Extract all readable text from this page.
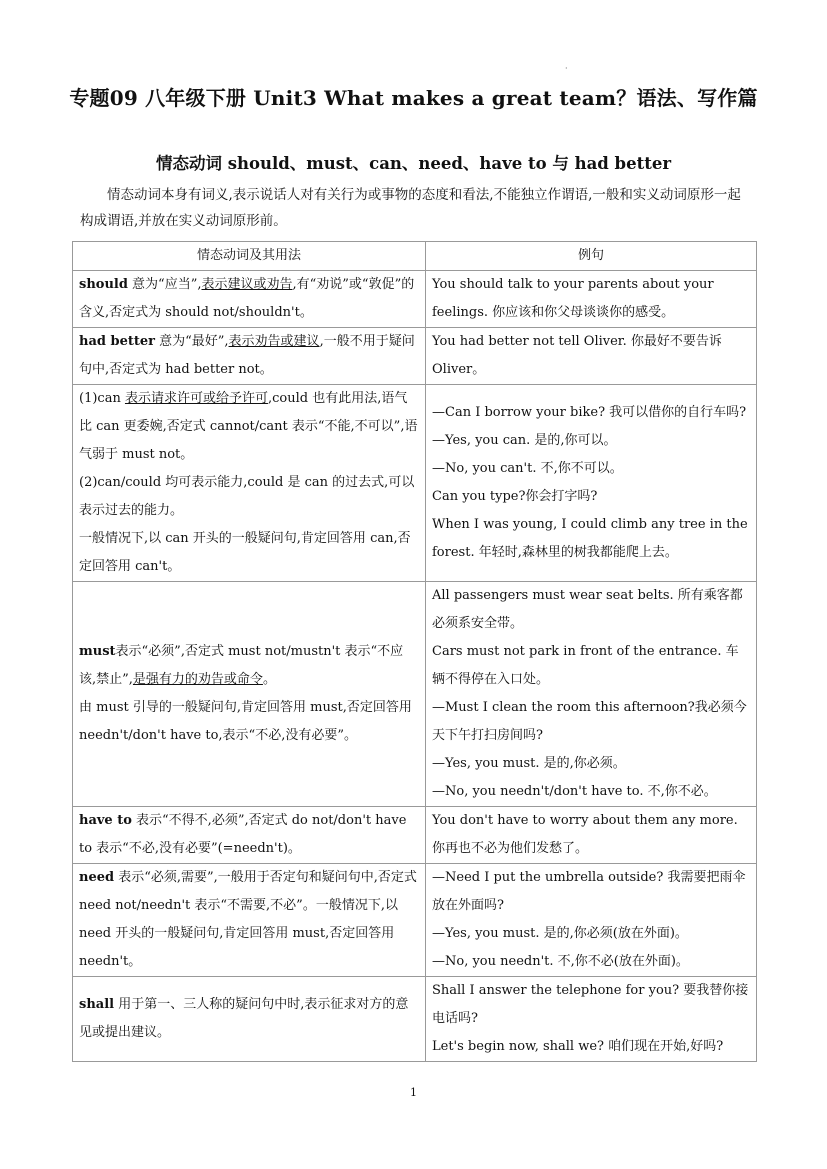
·
专题09 八年级下册 Unit3 What makes a great team？语法、写作篇
情态动词 should、must、can、need、have to 与 had better
情态动词本身有词义,表示说话人对有关行为或事物的态度和看法,不能独立作谓语,一般和实义动词原形一起构成谓语,并放在实义动词原形前。
情态动词及其用法	例句

should 意为“应当”,表示建议或劝告,有“劝说”或“敦促”的含义,否定式为 should not/shouldn't。	You should talk to your parents about your feelings. 你应该和你父母谈谈你的感受。

had better 意为“最好”,表示劝告或建议,一般不用于疑问句中,否定式为 had better not。	You had better not tell Oliver. 你最好不要告诉 Oliver。

(1)can 表示请求许可或给予许可,could 也有此用法,语气比 can 更委婉,否定式 cannot/cant 表示“不能,不可以”,语气弱于 must not。
(2)can/could 均可表示能力,could 是 can 的过去式,可以表示过去的能力。
一般情况下,以 can 开头的一般疑问句,肯定回答用 can,否定回答用 can't。	—Can I borrow your bike? 我可以借你的自行车吗?
—Yes, you can. 是的,你可以。
—No, you can't. 不,你不可以。
Can you type?你会打字吗?
When I was young, I could climb any tree in the forest. 年轻时,森林里的树我都能爬上去。

must表示“必须”,否定式 must not/mustn't 表示“不应该,禁止”,是强有力的劝告或命令。
由 must 引导的一般疑问句,肯定回答用 must,否定回答用 needn't/don't have to,表示“不必,没有必要”。	All passengers must wear seat belts. 所有乘客都必须系安全带。
Cars must not park in front of the entrance. 车辆不得停在入口处。
—Must I clean the room this afternoon?我必须今天下午打扫房间吗?
—Yes, you must. 是的,你必须。
—No, you needn't/don't have to. 不,你不必。

have to 表示“不得不,必须”,否定式 do not/don't have to 表示“不必,没有必要”(=needn't)。	You don't have to worry about them any more. 你再也不必为他们发愁了。

need 表示“必须,需要”,一般用于否定句和疑问句中,否定式 need not/needn't 表示“不需要,不必”。一般情况下,以 need 开头的一般疑问句,肯定回答用 must,否定回答用 needn't。	—Need I put the umbrella outside? 我需要把雨伞放在外面吗?
—Yes, you must. 是的,你必须(放在外面)。
—No, you needn't. 不,你不必(放在外面)。

shall 用于第一、三人称的疑问句中时,表示征求对方的意见或提出建议。	Shall I answer the telephone for you? 要我替你接电话吗?
Let's begin now, shall we? 咱们现在开始,好吗?
1
